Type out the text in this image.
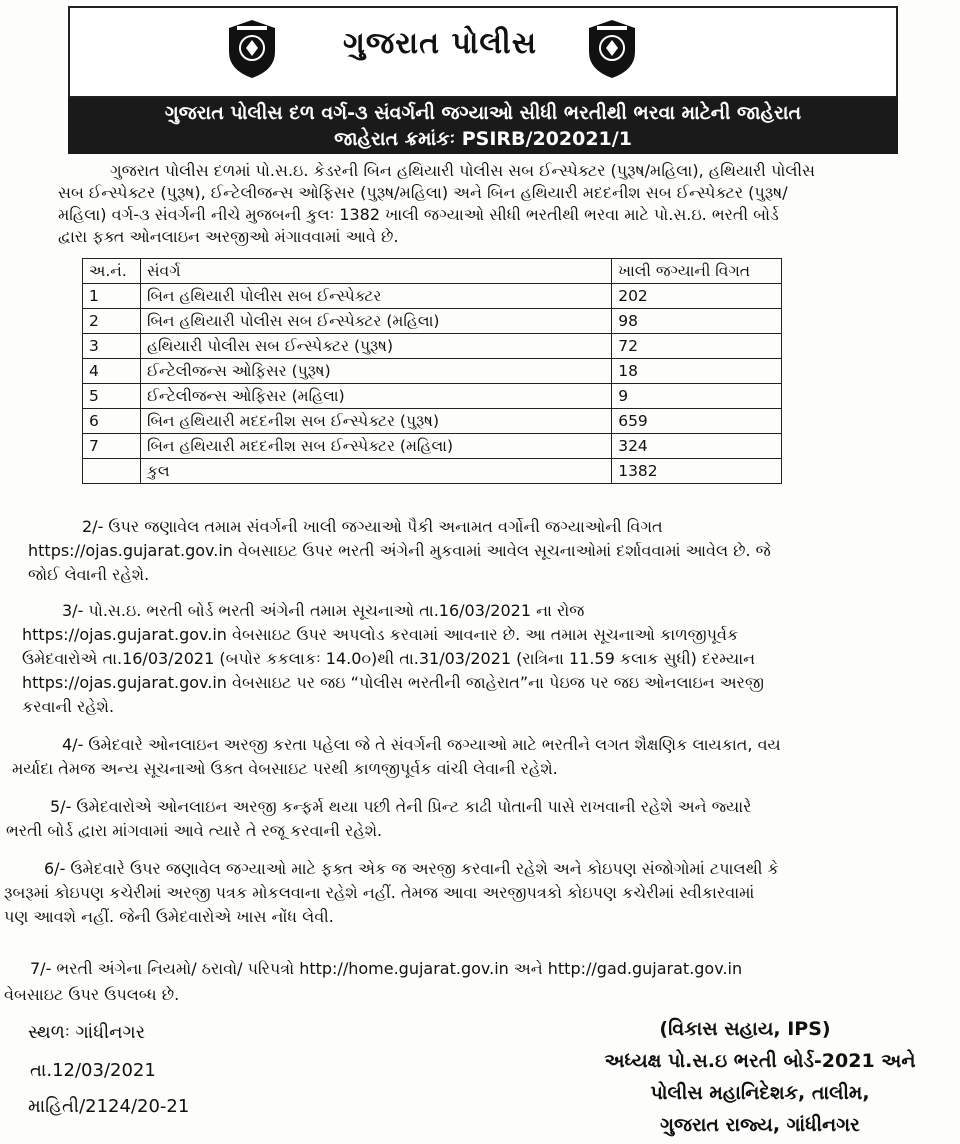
ગુજરાત પોલીસ
ગુજરાત પોલીસ દળ વર્ગ-૩ સંવર્ગની જગ્યાઓ સીધી ભરતીથી ભરવા માટેની જાહેરાત
જાહેરાત ક્રમાંકઃ PSIRB/202021/1
ગુજરાત પોલીસ દળમાં પો.સ.ઇ. કેડરની બિન હથિયારી પોલીસ સબ ઈન્સ્પેક્ટર (પુરૂષ/મહિલા), હથિયારી પોલીસ
સબ ઈન્સ્પેક્ટર (પુરૂષ), ઈન્ટેલીજન્સ ઓફિસર (પુરૂષ/મહિલા) અને બિન હથિયારી મદદનીશ સબ ઈન્સ્પેક્ટર (પુરૂષ/
મહિલા) વર્ગ-૩ સંવર્ગની નીચે મુજબની કુલઃ 1382 ખાલી જગ્યાઓ સીધી ભરતીથી ભરવા માટે પો.સ.ઇ. ભરતી બોર્ડ
દ્વારા ફક્ત ઓનલાઇન અરજીઓ મંગાવવામાં આવે છે.
અ.નં.	સંવર્ગ	ખાલી જગ્યાની વિગત
1	બિન હથિયારી પોલીસ સબ ઈન્સ્પેક્ટર	202
2	બિન હથિયારી પોલીસ સબ ઈન્સ્પેક્ટર (મહિલા)	98
3	હથિયારી પોલીસ સબ ઈન્સ્પેક્ટર (પુરૂષ)	72
4	ઈન્ટેલીજન્સ ઓફિસર (પુરૂષ)	18
5	ઈન્ટેલીજન્સ ઓફિસર (મહિલા)	9
6	બિન હથિયારી મદદનીશ સબ ઈન્સ્પેક્ટર (પુરૂષ)	659
7	બિન હથિયારી મદદનીશ સબ ઈન્સ્પેક્ટર (મહિલા)	324
	કુલ	1382
2/- ઉપર જણાવેલ તમામ સંવર્ગની ખાલી જગ્યાઓ પૈકી અનામત વર્ગોની જગ્યાઓની વિગત
https://ojas.gujarat.gov.in વેબસાઇટ ઉપર ભરતી અંગેની મુકવામાં આવેલ સૂચનાઓમાં દર્શાવવામાં આવેલ છે. જે
જોઈ લેવાની રહેશે.
3/- પો.સ.ઇ. ભરતી બોર્ડ ભરતી અંગેની તમામ સૂચનાઓ તા.16/03/2021 ના રોજ
https://ojas.gujarat.gov.in વેબસાઇટ ઉપર અપલોડ કરવામાં આવનાર છે. આ તમામ સૂચનાઓ કાળજીપૂર્વક
ઉમેદવારોએ તા.16/03/2021 (બપોર કકલાકઃ 14.0૦)થી તા.31/03/2021 (રાત્રિના 11.59 કલાક સુધી) દરમ્યાન
https://ojas.gujarat.gov.in વેબસાઇટ પર જઇ “પોલીસ ભરતીની જાહેરાત”ના પેઇજ પર જઇ ઓનલાઇન અરજી
કરવાની રહેશે.
4/- ઉમેદવારે ઓનલાઇન અરજી કરતા પહેલા જે તે સંવર્ગની જગ્યાઓ માટે ભરતીને લગત શૈક્ષણિક લાયકાત, વય
મર્યાદા તેમજ અન્ય સૂચનાઓ ઉક્ત વેબસાઇટ પરથી કાળજીપૂર્વક વાંચી લેવાની રહેશે.
5/- ઉમેદવારોએ ઓનલાઇન અરજી કન્ફર્મ થયા પછી તેની પ્રિન્ટ કાઢી પોતાની પાસે રાખવાની રહેશે અને જ્યારે
ભરતી બોર્ડ દ્વારા માંગવામાં આવે ત્યારે તે રજૂ કરવાની રહેશે.
6/- ઉમેદવારે ઉપર જણાવેલ જગ્યાઓ માટે ફક્ત એક જ અરજી કરવાની રહેશે અને કોઇપણ સંજોગોમાં ટપાલથી કે
રૂબરૂમાં કોઇપણ કચેરીમાં અરજી પત્રક મોકલવાના રહેશે નહીં. તેમજ આવા અરજીપત્રકો કોઇપણ કચેરીમાં સ્વીકારવામાં
પણ આવશે નહીં. જેની ઉમેદવારોએ ખાસ નોંધ લેવી.
7/- ભરતી અંગેના નિયમો/ ઠરાવો/ પરિપત્રો http://home.gujarat.gov.in અને http://gad.gujarat.gov.in
વેબસાઇટ ઉપર ઉપલબ્ધ છે.
સ્થળઃ ગાંધીનગર
તા.12/03/2021
માહિતી/2124/20-21
(વિકાસ સહાય, IPS)
અધ્યક્ષ પો.સ.ઇ ભરતી બોર્ડ-2021 અને
પોલીસ મહાનિદેશક, તાલીમ,
ગુજરાત રાજ્ય, ગાંધીનગર
